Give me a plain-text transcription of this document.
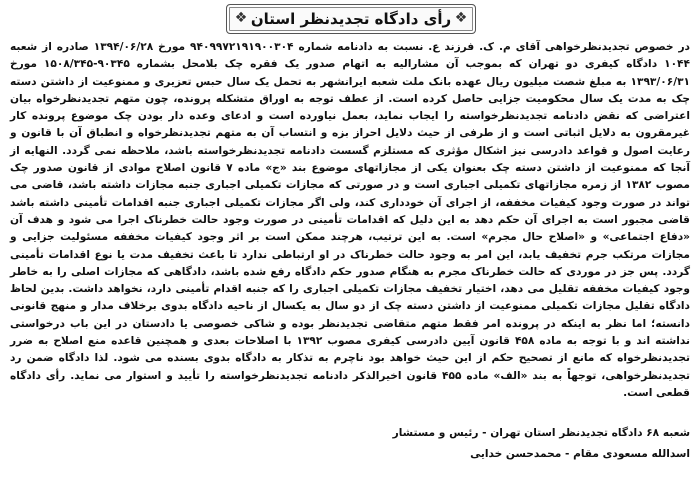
❖ رأی دادگاه تجدیدنظر استان ❖

در خصوص تجدیدنظرخواهی آقای م. ک. فرزند ع. نسبت به دادنامه شماره ۹۴۰۹۹۷۲۱۹۱۹۰۰۳۰۴ مورخ ۱۳۹۴/۰۶/۲۸ صادره از شعبه ۱۰۴۴ دادگاه کیفری دو تهران که بموجب آن مشارالیه به اتهام صدور یک فقره چک بلامحل بشماره ۹۰۳۴۵-۱۵۰۸/۳۴۵ مورخ ۱۳۹۳/۰۶/۳۱ به مبلغ شصت میلیون ریال عهده بانک ملت شعبه ایرانشهر به تحمل یک سال حبس تعزیری و ممنوعیت از داشتن دسته چک به مدت یک سال محکومیت جزایی حاصل کرده است. از عطف توجه به اوراق متشکله پرونده، چون متهم تجدیدنظرخواه بیان اعتراضی که نقض دادنامه تجدیدنظرخواسته را ایجاب نماید، بعمل نیاورده است و ادعای وعده دار بودن چک موضوع پرونده کار غیرمقرون به دلایل اثباتی است و از طرفی از حیث دلایل احراز بزه و انتساب آن به متهم تجدیدنظرخواه و انطباق آن با قانون و رعایت اصول و قواعد دادرسی نیز اشکال مؤثری که مستلزم گسست دادنامه تجدیدنظرخواسته باشد، ملاحظه نمی گردد. النهایه از آنجا که ممنوعیت از داشتن دسته چک بعنوان یکی از مجازاتهای موضوع بند «ج» ماده ۷ قانون اصلاح موادی از قانون صدور چک مصوب ۱۳۸۲ از زمره مجازاتهای تکمیلی اجباری است و در صورتی که مجازات تکمیلی اجباری جنبه مجازات داشته باشد، قاضی می تواند در صورت وجود کیفیات مخففه، از اجرای آن خودداری کند، ولی اگر مجازات تکمیلی اجباری جنبه اقدامات تأمینی داشته باشد قاضی مجبور است به اجرای آن حکم دهد به این دلیل که اقدامات تأمینی در صورت وجود حالت خطرناک اجرا می شود و هدف آن «دفاع اجتماعی» و «اصلاح حال مجرم» است. به این ترتیب، هرچند ممکن است بر اثر وجود کیفیات مخففه مسئولیت جزایی و مجازات مرتکب جرم تخفیف یابد، این امر به وجود حالت خطرناک در او ارتباطی ندارد تا باعث تخفیف مدت یا نوع اقدامات تأمینی گردد. پس جز در موردی که حالت خطرناک مجرم به هنگام صدور حکم دادگاه رفع شده باشد، دادگاهی که مجازات اصلی را به خاطر وجود کیفیات مخففه تقلیل می دهد، اختیار تخفیف مجازات تکمیلی اجباری را که جنبه اقدام تأمینی دارد، نخواهد داشت. بدین لحاظ دادگاه تقلیل مجازات تکمیلی ممنوعیت از داشتن دسته چک از دو سال به یکسال از ناحیه دادگاه بدوی برخلاف مدار و منهج قانونی دانسته؛ اما نظر به اینکه در پرونده امر فقط متهم متقاضی تجدیدنظر بوده و شاکی خصوصی یا دادستان در این باب درخواستی نداشته اند و با توجه به ماده ۴۵۸ قانون آیین دادرسی کیفری مصوب ۱۳۹۲ با اصلاحات بعدی و همچنین قاعده منع اصلاح به ضرر تجدیدنظرخواه که مانع از تصحیح حکم از این حیث خواهد بود ناچرم به تذکار به دادگاه بدوی بسنده می شود. لذا دادگاه ضمن رد تجدیدنظرخواهی، توجهاً به بند «الف» ماده ۴۵۵ قانون اخیرالذکر دادنامه تجدیدنظرخواسته را تأیید و استوار می نماید. رأی دادگاه قطعی است.

شعبه ۶۸ دادگاه تجدیدنظر استان تهران - رئیس و مستشار
اسدالله مسعودی مقام - محمدحسن خدایی
